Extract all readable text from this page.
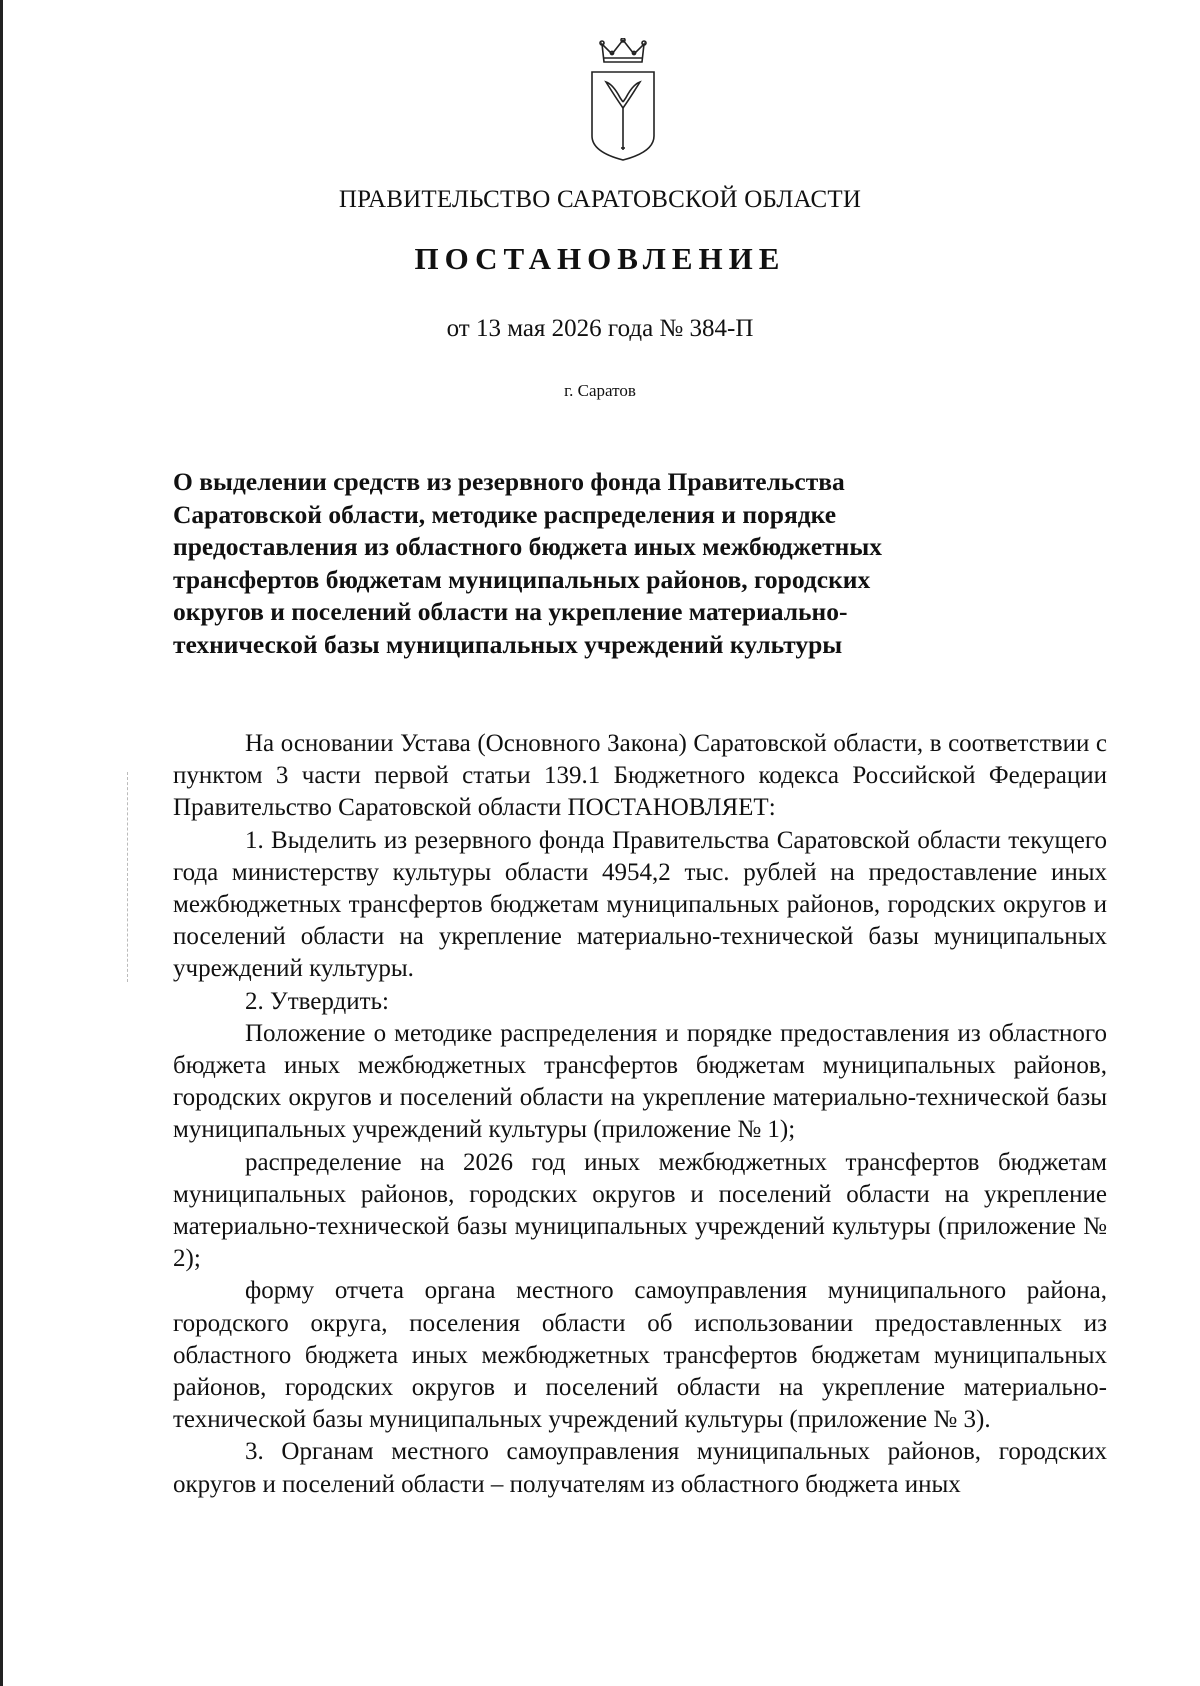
ПРАВИТЕЛЬСТВО САРАТОВСКОЙ ОБЛАСТИ
ПОСТАНОВЛЕНИЕ
от 13 мая 2026 года № 384-П
г. Саратов
О выделении средств из резервного фонда Правительства
Саратовской области, методике распределения и порядке
предоставления из областного бюджета иных межбюджетных
трансфертов бюджетам муниципальных районов, городских
округов и поселений области на укрепление материально-
технической базы муниципальных учреждений культуры

На основании Устава (Основного Закона) Саратовской области, в соответствии с пунктом 3 части первой статьи 139.1 Бюджетного кодекса Российской Федерации Правительство Саратовской области ПОСТАНОВЛЯЕТ:

1. Выделить из резервного фонда Правительства Саратовской области текущего года министерству культуры области 4954,2 тыс. рублей на предоставление иных межбюджетных трансфертов бюджетам муниципальных районов, городских округов и поселений области на укрепление материально-технической базы муниципальных учреждений культуры.

2. Утвердить:

Положение о методике распределения и порядке предоставления из областного бюджета иных межбюджетных трансфертов бюджетам муниципальных районов, городских округов и поселений области на укрепление материально-технической базы муниципальных учреждений культуры (приложение № 1);

распределение на 2026 год иных межбюджетных трансфертов бюджетам муниципальных районов, городских округов и поселений области на укрепление материально-технической базы муниципальных учреждений культуры (приложение № 2);

форму отчета органа местного самоуправления муниципального района, городского округа, поселения области об использовании предоставленных из областного бюджета иных межбюджетных трансфертов бюджетам муниципальных районов, городских округов и поселений области на укрепление материально-технической базы муниципальных учреждений культуры (приложение № 3).

3. Органам местного самоуправления муниципальных районов, городских округов и поселений области – получателям из областного бюджета иных
